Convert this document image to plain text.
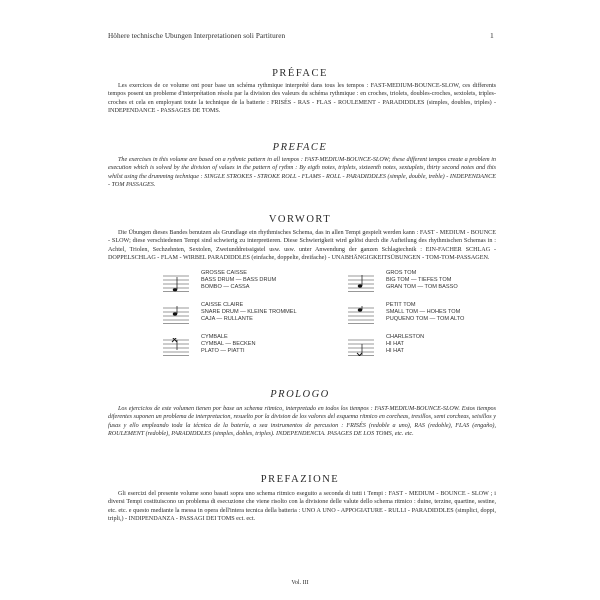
Höhere technische Ubungen Interpretationen soli Partituren	1
PRÉFACE
Les exercices de ce volume ont pour base un schéma rythmique interprété dans tous les tempos : FAST-MEDIUM-BOUNCE-SLOW, ces differents tempos posent un probleme d'interprétation résolu par la division des valeurs du schéma rythmique : en croches, triolets, doubles-croches, sextolets, triples-croches et cela en employant toute la technique de la batterie : FRISÉS - RAS - FLAS - ROULEMENT - PARADIDDLES (simples, doubles, triples) - INDEPENDANCE - PASSAGES DE TOMS.
PREFACE
The exercises in this volume are based on a rythmic pattern in all tempos : FAST-MEDIUM-BOUNCE-SLOW; these different tempos create a problem in execution which is solved by the division of values in the pattern of rythm : By eigth notes, triplets, sixteenth notes, sextuplets, thirty second notes and this whilst using the drumming technique : SINGLE STROKES - STROKE ROLL - FLAMS - ROLL - PARADIDDLES (simple, double, treble) - INDEPENDANCE - TOM PASSAGES.
VORWORT
Die Übungen dieses Bandes benutzen als Grundlage ein rhythmisches Schema, das in allen Tempi gespielt werden kann : FAST - MEDIUM - BOUNCE - SLOW; diese verschiedenen Tempi sind schwierig zu interpretieren. Diese Schwierigkeit wird gelöst durch die Aufteilung des rhythmischen Schemas in : Achtel, Triolen, Sechzehnten, Sextolen, Zweiunddreissigstel usw. usw. unter Anwendung der ganzen Schlagtechnik : EIN-FACHER SCHLAG - DOPPELSCHLAG - FLAM - WIRBEL PARADIDDLES (einfache, doppelte, dreifache) - UNABHÄNGIGKEITSÜBUNGEN - TOM-TOM-PASSAGEN.
GROSSE CAISSE
BASS DRUM — BASS DRUM
BOMBO — CASSA
CAISSE CLAIRE
SNARE DRUM — KLEINE TROMMEL
CAJA — RULLANTE
CYMBALE
CYMBAL — BECKEN
PLATO — PIATTI
GROS TOM
BIG TOM — TIEFES TOM
GRAN TOM — TOM BASSO
PETIT TOM
SMALL TOM — HOHES TOM
PUQUENO TOM — TOM ALTO
CHARLESTON
HI HAT
HI HAT
PROLOGO
Los ejercicios de este volumen tienen por base un schema ritmico, interpretado en todos los tiempos : FAST-MEDIUM-BOUNCE-SLOW. Estos tiempos diferentes suponen un problema de interpretacion, resuelto por la division de los valores del esquema ritmico en corcheas, tresillos, semi corcheas, seisillos y fusas y ello empleando toda la técnica de la batería, a sea instrumentos de percusion : FRISÉS (redoble a uno), RAS (redoble), FLAS (engaño), ROULEMENT (redoble), PARADIDDLES (simples, dobles, triples). INDEPENDENCIA. PASAGES DE LOS TOMS, etc. etc.
PREFAZIONE
Gli esercizi del presente volume sono basati sopra uno schema ritmico eseguito a seconda di tutti i Tempi : FAST - MEDIUM - BOUNCE - SLOW ; i diversi Tempi costituiscono un problema di esecuzione che viene risolto con la divisione delle valute dello schema ritmico : duine, terzine, quartine, sestine, etc. etc. e questo mediante la messa in opera dell'intera tecnica della batteria : UNO A UNO - APPOGIATURE - RULLI - PARADIDDLES (simplici, doppi, tripli,) - INDIPENDANZA - PASSAGI DEI TOMS ect. ect.
Vol. III
